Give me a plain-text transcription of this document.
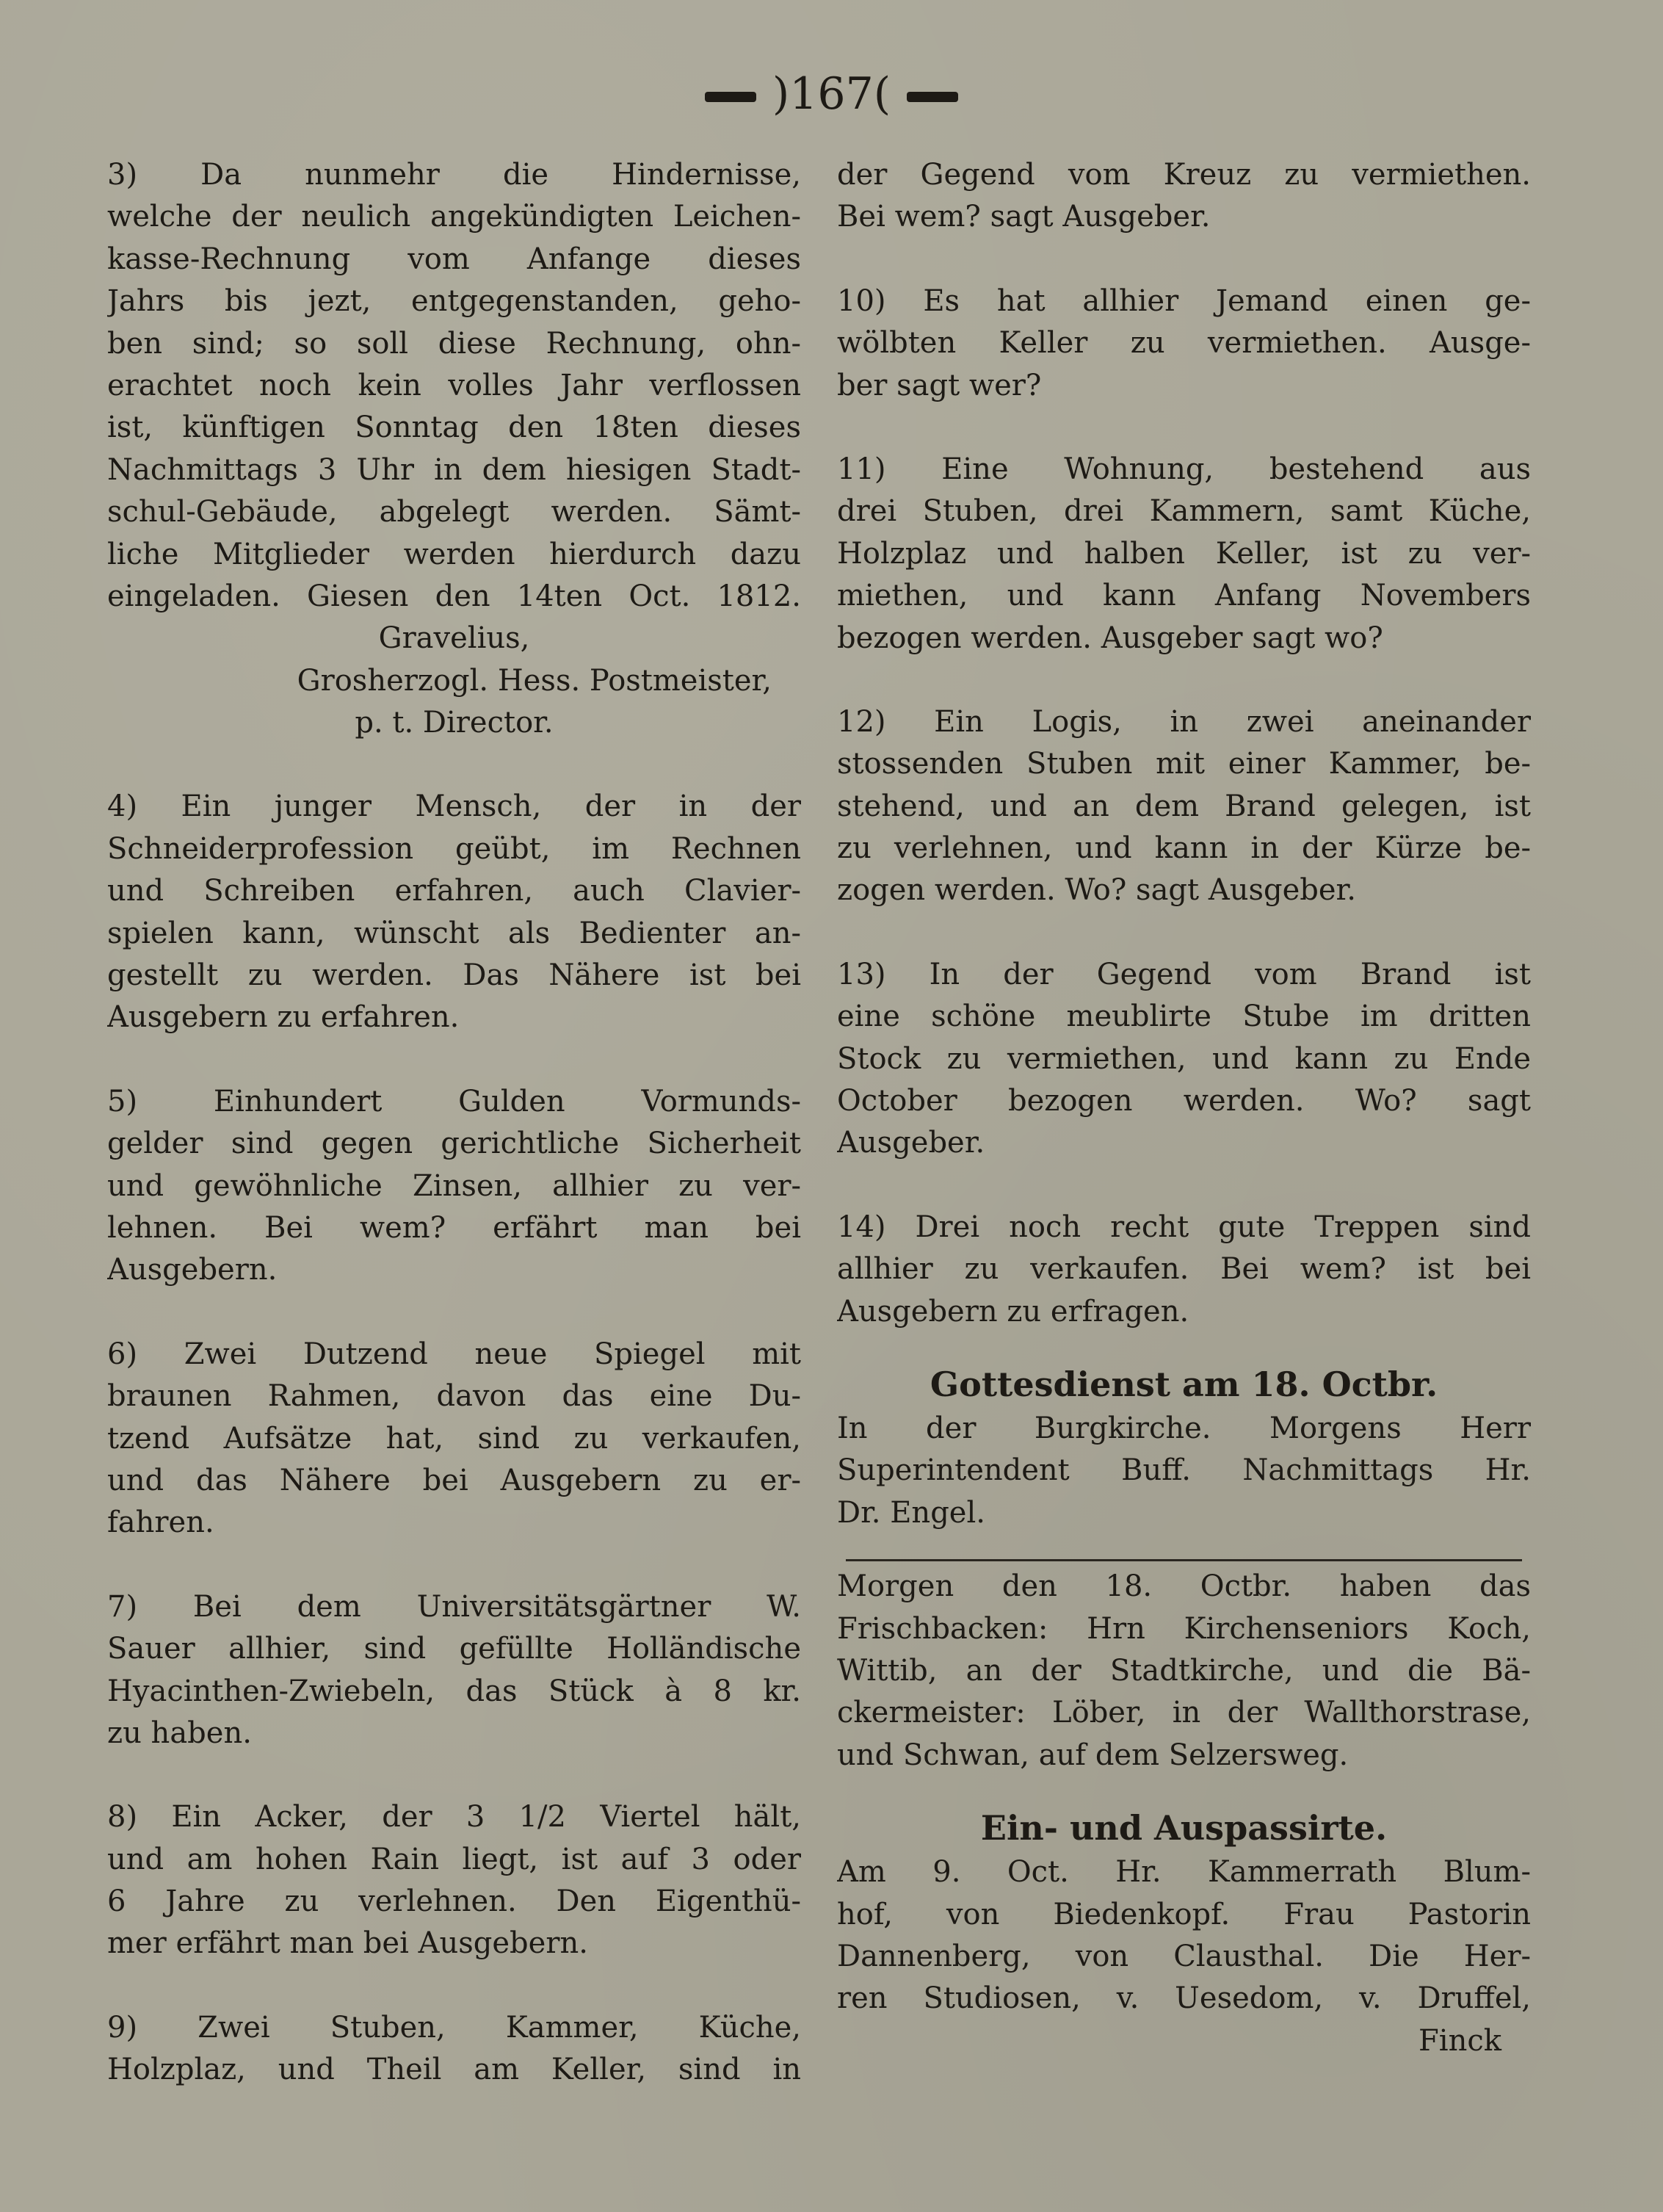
)167(
3) Da nunmehr die Hindernisse,
welche der neulich angekündigten Leichen-
kasse-Rechnung vom Anfange dieses
Jahrs bis jezt, entgegenstanden, geho-
ben sind; so soll diese Rechnung, ohn-
erachtet noch kein volles Jahr verflossen
ist, künftigen Sonntag den 18ten dieses
Nachmittags 3 Uhr in dem hiesigen Stadt-
schul-Gebäude, abgelegt werden. Sämt-
liche Mitglieder werden hierdurch dazu
eingeladen. Giesen den 14ten Oct. 1812.
Gravelius,
Grosherzogl. Hess. Postmeister,
p. t. Director.
4) Ein junger Mensch, der in der
Schneiderprofession geübt, im Rechnen
und Schreiben erfahren, auch Clavier-
spielen kann, wünscht als Bedienter an-
gestellt zu werden. Das Nähere ist bei
Ausgebern zu erfahren.
5) Einhundert Gulden Vormunds-
gelder sind gegen gerichtliche Sicherheit
und gewöhnliche Zinsen, allhier zu ver-
lehnen. Bei wem? erfährt man bei
Ausgebern.
6) Zwei Dutzend neue Spiegel mit
braunen Rahmen, davon das eine Du-
tzend Aufsätze hat, sind zu verkaufen,
und das Nähere bei Ausgebern zu er-
fahren.
7) Bei dem Universitätsgärtner W.
Sauer allhier, sind gefüllte Holländische
Hyacinthen-Zwiebeln, das Stück à 8 kr.
zu haben.
8) Ein Acker, der 3 1/2 Viertel hält,
und am hohen Rain liegt, ist auf 3 oder
6 Jahre zu verlehnen. Den Eigenthü-
mer erfährt man bei Ausgebern.
9) Zwei Stuben, Kammer, Küche,
Holzplaz, und Theil am Keller, sind in
der Gegend vom Kreuz zu vermiethen.
Bei wem? sagt Ausgeber.
10) Es hat allhier Jemand einen ge-
wölbten Keller zu vermiethen. Ausge-
ber sagt wer?
11) Eine Wohnung, bestehend aus
drei Stuben, drei Kammern, samt Küche,
Holzplaz und halben Keller, ist zu ver-
miethen, und kann Anfang Novembers
bezogen werden. Ausgeber sagt wo?
12) Ein Logis, in zwei aneinander
stossenden Stuben mit einer Kammer, be-
stehend, und an dem Brand gelegen, ist
zu verlehnen, und kann in der Kürze be-
zogen werden. Wo? sagt Ausgeber.
13) In der Gegend vom Brand ist
eine schöne meublirte Stube im dritten
Stock zu vermiethen, und kann zu Ende
October bezogen werden. Wo? sagt
Ausgeber.
14) Drei noch recht gute Treppen sind
allhier zu verkaufen. Bei wem? ist bei
Ausgebern zu erfragen.
Gottesdienst am 18. Octbr.
In der Burgkirche. Morgens Herr
Superintendent Buff. Nachmittags Hr.
Dr. Engel.
Morgen den 18. Octbr. haben das
Frischbacken: Hrn Kirchenseniors Koch,
Wittib, an der Stadtkirche, und die Bä-
ckermeister: Löber, in der Wallthorstrase,
und Schwan, auf dem Selzersweg.
Ein- und Auspassirte.
Am 9. Oct. Hr. Kammerrath Blum-
hof, von Biedenkopf. Frau Pastorin
Dannenberg, von Clausthal. Die Her-
ren Studiosen, v. Uesedom, v. Druffel,
Finck
